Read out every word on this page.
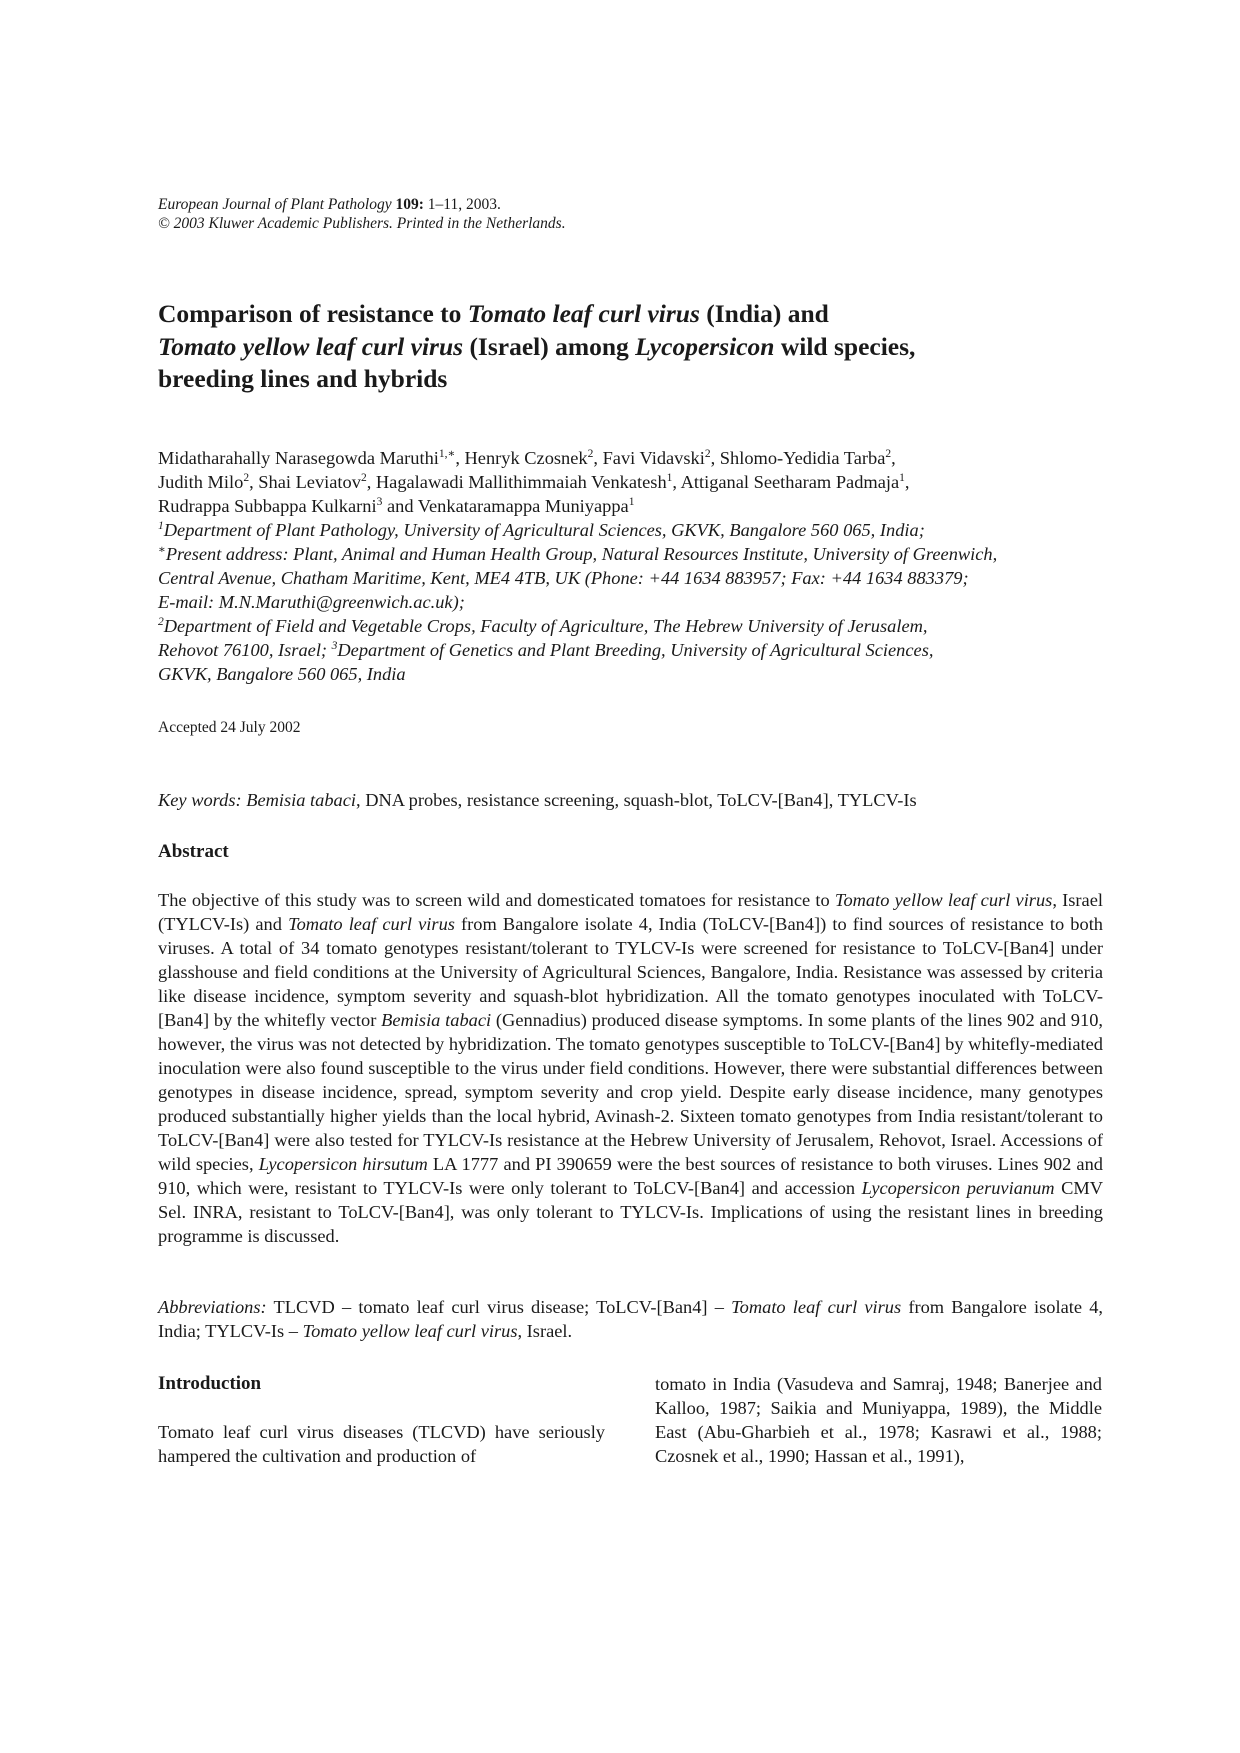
European Journal of Plant Pathology 109: 1–11, 2003.
© 2003 Kluwer Academic Publishers. Printed in the Netherlands.
Comparison of resistance to Tomato leaf curl virus (India) and
Tomato yellow leaf curl virus (Israel) among Lycopersicon wild species,
breeding lines and hybrids
Midatharahally Narasegowda Maruthi$^{1,∗}$, Henryk Czosnek$^2$, Favi Vidavski$^2$, Shlomo-Yedidia Tarba$^2$,
Judith Milo$^2$, Shai Leviatov$^2$, Hagalawadi Mallithimmaiah Venkatesh$^1$, Attiganal Seetharam Padmaja$^1$,
Rudrappa Subbappa Kulkarni$^3$ and Venkataramappa Muniyappa$^1$
$^1$Department of Plant Pathology, University of Agricultural Sciences, GKVK, Bangalore 560 065, India;
∗Present address: Plant, Animal and Human Health Group, Natural Resources Institute, University of Greenwich,
Central Avenue, Chatham Maritime, Kent, ME4 4TB, UK (Phone: +44 1634 883957; Fax: +44 1634 883379;
E-mail: M.N.Maruthi@greenwich.ac.uk);
$^2$Department of Field and Vegetable Crops, Faculty of Agriculture, The Hebrew University of Jerusalem,
Rehovot 76100, Israel; $^3$Department of Genetics and Plant Breeding, University of Agricultural Sciences,
GKVK, Bangalore 560 065, India
Accepted 24 July 2002
Key words: Bemisia tabaci, DNA probes, resistance screening, squash-blot, ToLCV-[Ban4], TYLCV-Is
Abstract
The objective of this study was to screen wild and domesticated tomatoes for resistance to Tomato yellow leaf curl virus, Israel (TYLCV-Is) and Tomato leaf curl virus from Bangalore isolate 4, India (ToLCV-[Ban4]) to find sources of resistance to both viruses. A total of 34 tomato genotypes resistant/tolerant to TYLCV-Is were screened for resistance to ToLCV-[Ban4] under glasshouse and field conditions at the University of Agricultural Sciences, Bangalore, India. Resistance was assessed by criteria like disease incidence, symptom severity and squash-blot hybridization. All the tomato genotypes inoculated with ToLCV-[Ban4] by the whitefly vector Bemisia tabaci (Gennadius) produced disease symptoms. In some plants of the lines 902 and 910, however, the virus was not detected by hybridization. The tomato genotypes susceptible to ToLCV-[Ban4] by whitefly-mediated inoculation were also found susceptible to the virus under field conditions. However, there were substantial differences between genotypes in disease incidence, spread, symptom severity and crop yield. Despite early disease incidence, many genotypes produced substantially higher yields than the local hybrid, Avinash-2. Sixteen tomato genotypes from India resistant/tolerant to ToLCV-[Ban4] were also tested for TYLCV-Is resistance at the Hebrew University of Jerusalem, Rehovot, Israel. Accessions of wild species, Lycopersicon hirsutum LA 1777 and PI 390659 were the best sources of resistance to both viruses. Lines 902 and 910, which were, resistant to TYLCV-Is were only tolerant to ToLCV-[Ban4] and accession Lycopersicon peruvianum CMV Sel. INRA, resistant to ToLCV-[Ban4], was only tolerant to TYLCV-Is. Implications of using the resistant lines in breeding programme is discussed.
Abbreviations: TLCVD – tomato leaf curl virus disease; ToLCV-[Ban4] – Tomato leaf curl virus from Bangalore isolate 4, India; TYLCV-Is – Tomato yellow leaf curl virus, Israel.
Introduction

Tomato leaf curl virus diseases (TLCVD) have seriously hampered the cultivation and production of

tomato in India (Vasudeva and Samraj, 1948; Banerjee and Kalloo, 1987; Saikia and Muniyappa, 1989), the Middle East (Abu-Gharbieh et al., 1978; Kasrawi et al., 1988; Czosnek et al., 1990; Hassan et al., 1991),
